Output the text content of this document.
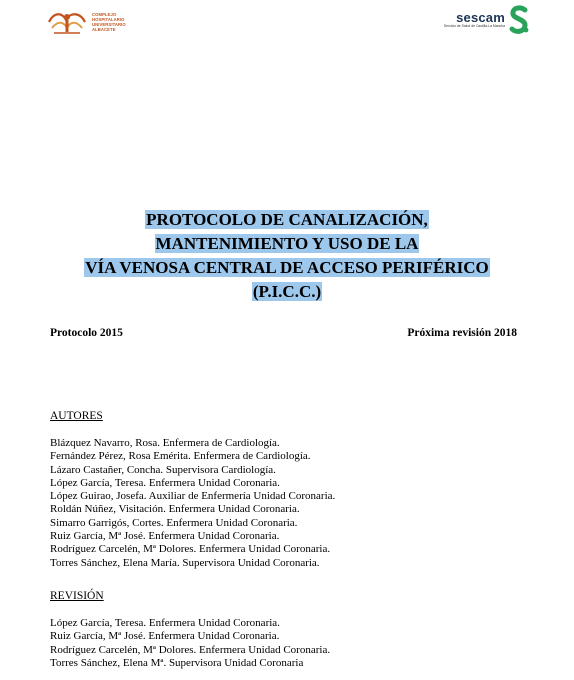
COMPLEJO
HOSPITALARIO
UNIVERSITARIO
ALBACETE
sescam
Servicio de Salud de Castilla-La Mancha
PROTOCOLO DE CANALIZACIÓN,
MANTENIMIENTO Y USO DE LA
VÍA VENOSA CENTRAL DE ACCESO PERIFÉRICO
(P.I.C.C.)
Protocolo 2015	Próxima revisión 2018
AUTORES
Blázquez Navarro, Rosa. Enfermera de Cardiología.
Fernández Pérez, Rosa Emérita. Enfermera de Cardiología.
Lázaro Castañer, Concha. Supervisora Cardiología.
López García, Teresa. Enfermera Unidad Coronaria.
López Guirao, Josefa. Auxiliar de Enfermería Unidad Coronaria.
Roldán Núñez, Visitación. Enfermera Unidad Coronaria.
Simarro Garrigós, Cortes. Enfermera Unidad Coronaria.
Ruiz García, Mª José. Enfermera Unidad Coronaria.
Rodríguez Carcelén, Mª Dolores. Enfermera Unidad Coronaria.
Torres Sánchez, Elena María. Supervisora Unidad Coronaria.
REVISIÓN
López García, Teresa. Enfermera Unidad Coronaria.
Ruiz García, Mª José. Enfermera Unidad Coronaria.
Rodríguez Carcelén, Mª Dolores. Enfermera Unidad Coronaria.
Torres Sánchez, Elena Mª. Supervisora Unidad Coronaria
